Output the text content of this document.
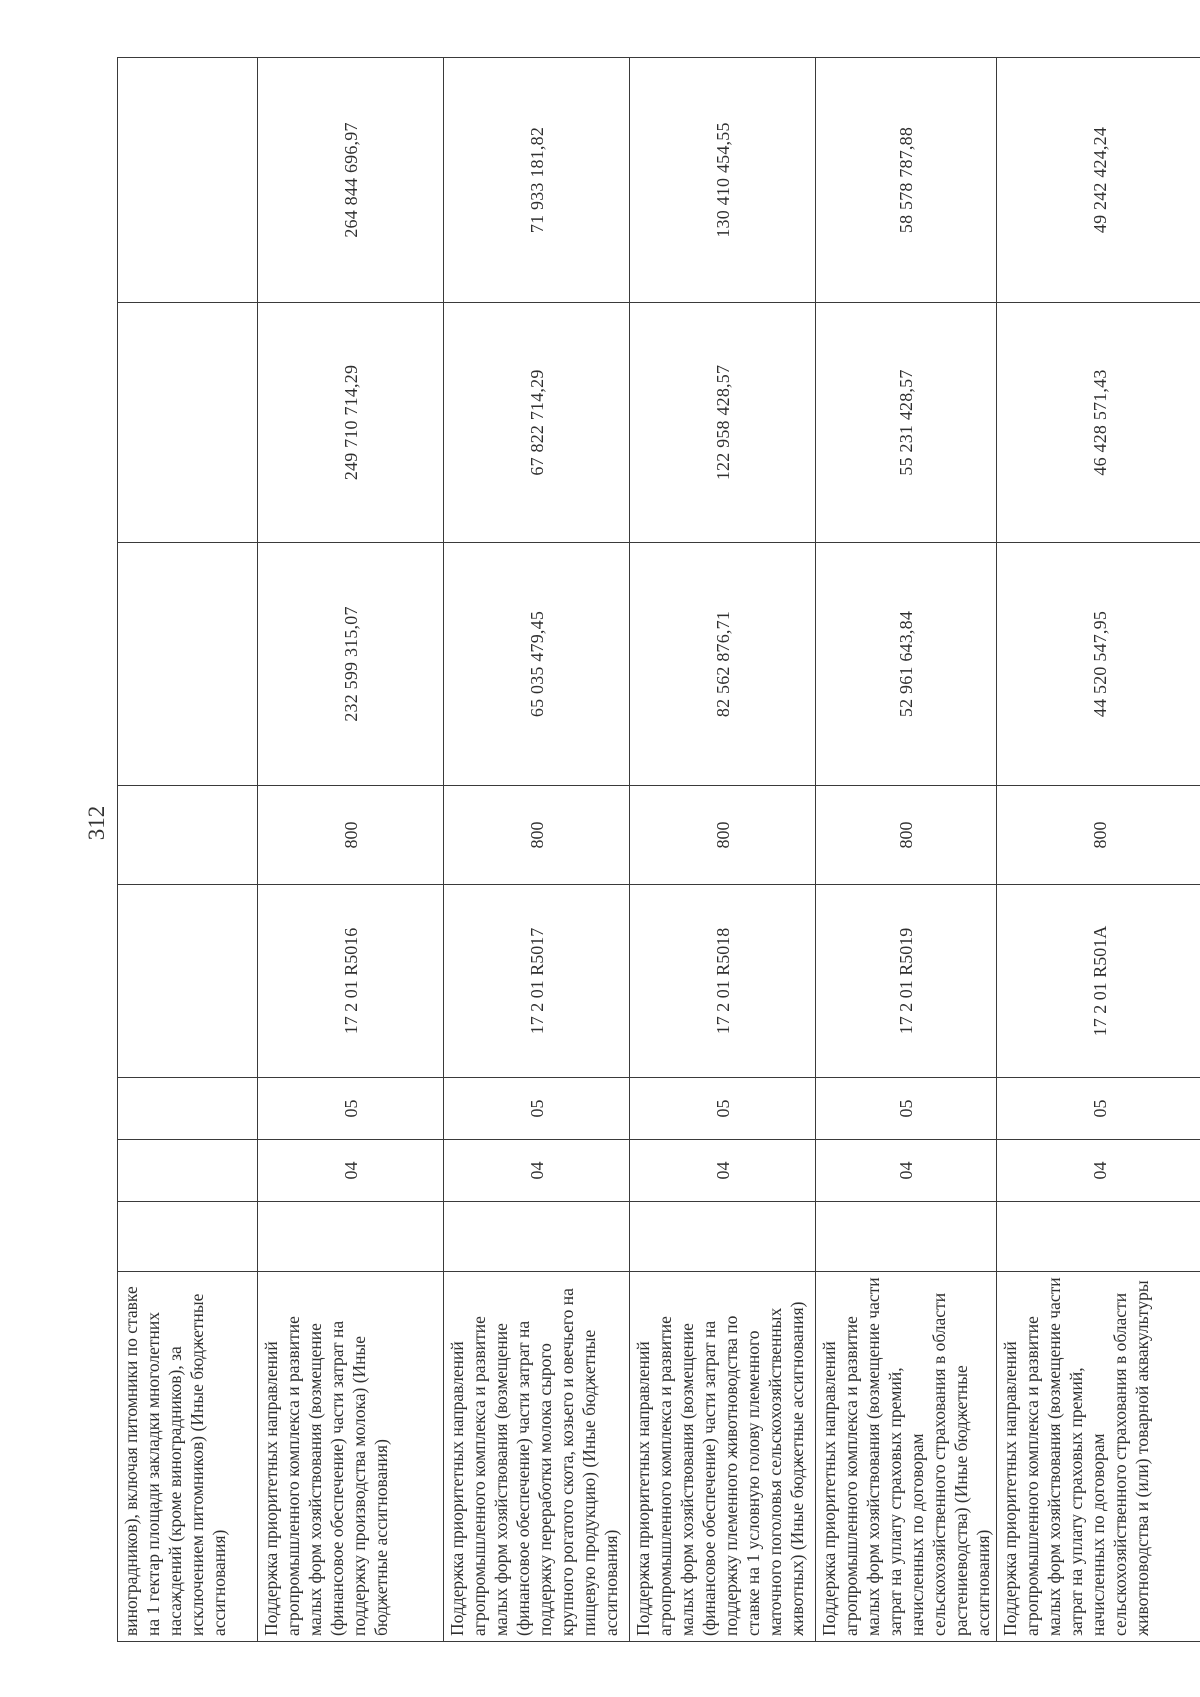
312
виноградников), включая питомники по ставке на 1 гектар площади закладки многолетних насаждений (кроме виноградников), за исключением питомников) (Иные бюджетные ассигнования)								
Поддержка приоритетных направлений агропромышленного комплекса и развитие малых форм хозяйствования (возмещение (финансовое обеспечение) части затрат на поддержку производства молока) (Иные бюджетные ассигнования)		04	05	17 2 01 R5016	800	232 599 315,07	249 710 714,29	264 844 696,97
Поддержка приоритетных направлений агропромышленного комплекса и развитие малых форм хозяйствования (возмещение (финансовое обеспечение) части затрат на поддержку переработки молока сырого крупного рогатого скота, козьего и овечьего на пищевую продукцию) (Иные бюджетные ассигнования)		04	05	17 2 01 R5017	800	65 035 479,45	67 822 714,29	71 933 181,82
Поддержка приоритетных направлений агропромышленного комплекса и развитие малых форм хозяйствования (возмещение (финансовое обеспечение) части затрат на поддержку племенного животноводства по ставке на 1 условную голову племенного маточного поголовья сельскохозяйственных животных) (Иные бюджетные ассигнования)		04	05	17 2 01 R5018	800	82 562 876,71	122 958 428,57	130 410 454,55
Поддержка приоритетных направлений агропромышленного комплекса и развитие малых форм хозяйствования (возмещение части затрат на уплату страховых премий, начисленных по договорам сельскохозяйственного страхования в области растениеводства) (Иные бюджетные ассигнования)		04	05	17 2 01 R5019	800	52 961 643,84	55 231 428,57	58 578 787,88
Поддержка приоритетных направлений агропромышленного комплекса и развитие малых форм хозяйствования (возмещение части затрат на уплату страховых премий, начисленных по договорам сельскохозяйственного страхования в области животноводства и (или) товарной аквакультуры		04	05	17 2 01 R501A	800	44 520 547,95	46 428 571,43	49 242 424,24
